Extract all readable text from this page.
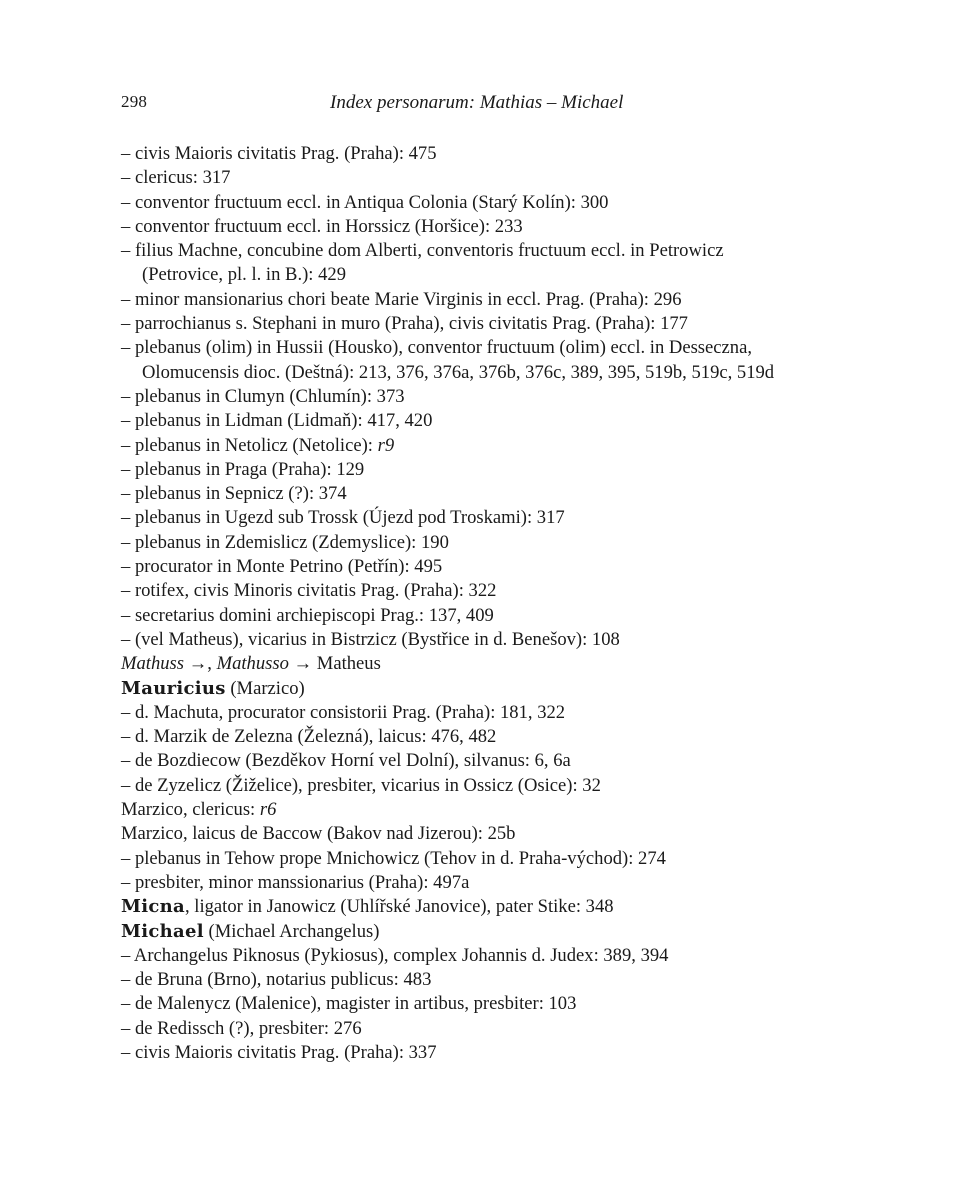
298	Index personarum: Mathias – Michael
– civis Maioris civitatis Prag. (Praha): 475
– clericus: 317
– conventor fructuum eccl. in Antiqua Colonia (Starý Kolín): 300
– conventor fructuum eccl. in Horssicz (Horšice): 233
– filius Machne, concubine dom Alberti, conventoris fructuum eccl. in Petrowicz
(Petrovice, pl. l. in B.): 429
– minor mansionarius chori beate Marie Virginis in eccl. Prag. (Praha): 296
– parrochianus s. Stephani in muro (Praha), civis civitatis Prag. (Praha): 177
– plebanus (olim) in Hussii (Housko), conventor fructuum (olim) eccl. in Desseczna,
Olomucensis dioc. (Deštná): 213, 376, 376a, 376b, 376c, 389, 395, 519b, 519c, 519d
– plebanus in Clumyn (Chlumín): 373
– plebanus in Lidman (Lidmaň): 417, 420
– plebanus in Netolicz (Netolice): r9
– plebanus in Praga (Praha): 129
– plebanus in Sepnicz (?): 374
– plebanus in Ugezd sub Trossk (Újezd pod Troskami): 317
– plebanus in Zdemislicz (Zdemyslice): 190
– procurator in Monte Petrino (Petřín): 495
– rotifex, civis Minoris civitatis Prag. (Praha): 322
– secretarius domini archiepiscopi Prag.: 137, 409
– (vel Matheus), vicarius in Bistrzicz (Bystřice in d. Benešov): 108
Mathuss →, Mathusso → Matheus
Mauricius (Marzico)
– d. Machuta, procurator consistorii Prag. (Praha): 181, 322
– d. Marzik de Zelezna (Železná), laicus: 476, 482
– de Bozdiecow (Bezděkov Horní vel Dolní), silvanus: 6, 6a
– de Zyzelicz (Žiželice), presbiter, vicarius in Ossicz (Osice): 32
Marzico, clericus: r6
Marzico, laicus de Baccow (Bakov nad Jizerou): 25b
– plebanus in Tehow prope Mnichowicz (Tehov in d. Praha-východ): 274
– presbiter, minor manssionarius (Praha): 497a
Micna, ligator in Janowicz (Uhlířské Janovice), pater Stike: 348
Michael (Michael Archangelus)
– Archangelus Piknosus (Pykiosus), complex Johannis d. Judex: 389, 394
– de Bruna (Brno), notarius publicus: 483
– de Malenycz (Malenice), magister in artibus, presbiter: 103
– de Redissch (?), presbiter: 276
– civis Maioris civitatis Prag. (Praha): 337
